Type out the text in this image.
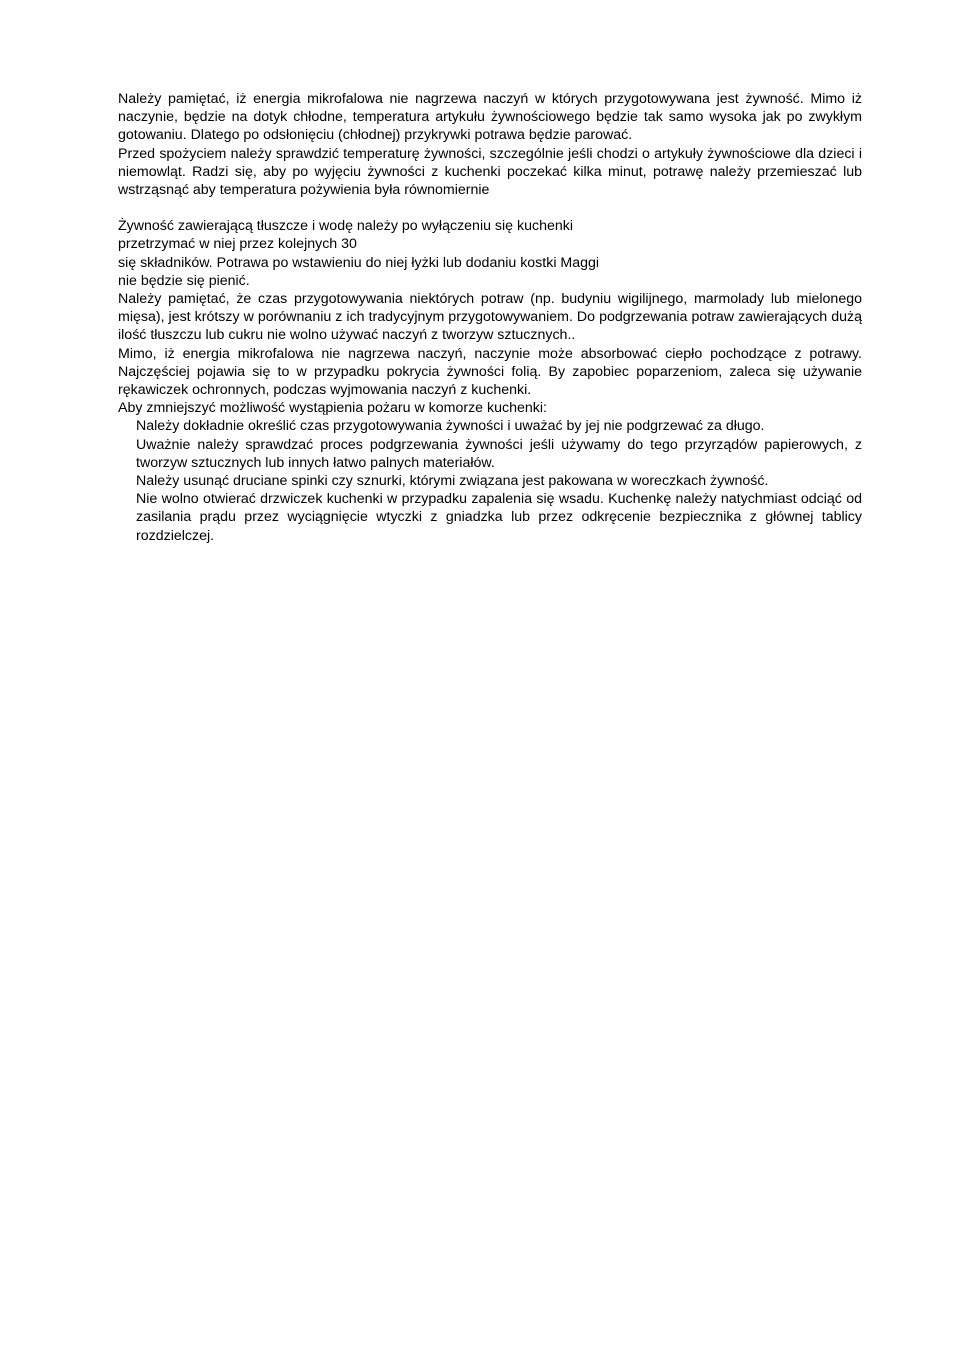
Należy pamiętać, iż energia mikrofalowa nie nagrzewa naczyń w których przygotowywana jest żywność. Mimo iż naczynie, będzie na dotyk chłodne, temperatura artykułu żywnościowego będzie tak samo wysoka jak po zwykłym gotowaniu. Dlatego po odsłonięciu (chłodnej) przykrywki potrawa będzie parować.

Przed spożyciem należy sprawdzić temperaturę żywności, szczególnie jeśli chodzi o artykuły żywnościowe dla dzieci i niemowląt. Radzi się, aby po wyjęciu żywności z kuchenki poczekać kilka minut, potrawę należy przemieszać lub wstrząsnąć aby temperatura pożywienia była równomiernie

Żywność zawierającą tłuszcze i wodę należy po wyłączeniu się kuchenki

przetrzymać w niej przez kolejnych 30

się składników. Potrawa po wstawieniu do niej łyżki lub dodaniu kostki Maggi

nie będzie się pienić.

Należy pamiętać, że czas przygotowywania niektórych potraw (np. budyniu wigilijnego, marmolady lub mielonego mięsa), jest krótszy w porównaniu z ich tradycyjnym przygotowywaniem. Do podgrzewania potraw zawierających dużą ilość tłuszczu lub cukru nie wolno używać naczyń z tworzyw sztucznych..

Mimo, iż energia mikrofalowa nie nagrzewa naczyń, naczynie może absorbować ciepło pochodzące z potrawy. Najczęściej pojawia się to w przypadku pokrycia żywności folią. By zapobiec poparzeniom, zaleca się używanie rękawiczek ochronnych, podczas wyjmowania naczyń z kuchenki.

Aby zmniejszyć możliwość wystąpienia pożaru w komorze kuchenki:

Należy dokładnie określić czas przygotowywania żywności i uważać by jej nie podgrzewać za długo.
Uważnie należy sprawdzać proces podgrzewania żywności jeśli używamy do tego przyrządów papierowych, z tworzyw sztucznych lub innych łatwo palnych materiałów.
Należy usunąć druciane spinki czy sznurki, którymi związana jest pakowana w woreczkach żywność.
Nie wolno otwierać drzwiczek kuchenki w przypadku zapalenia się wsadu. Kuchenkę należy natychmiast odciąć od zasilania prądu przez wyciągnięcie wtyczki z gniadzka lub przez odkręcenie bezpiecznika z głównej tablicy rozdzielczej.
